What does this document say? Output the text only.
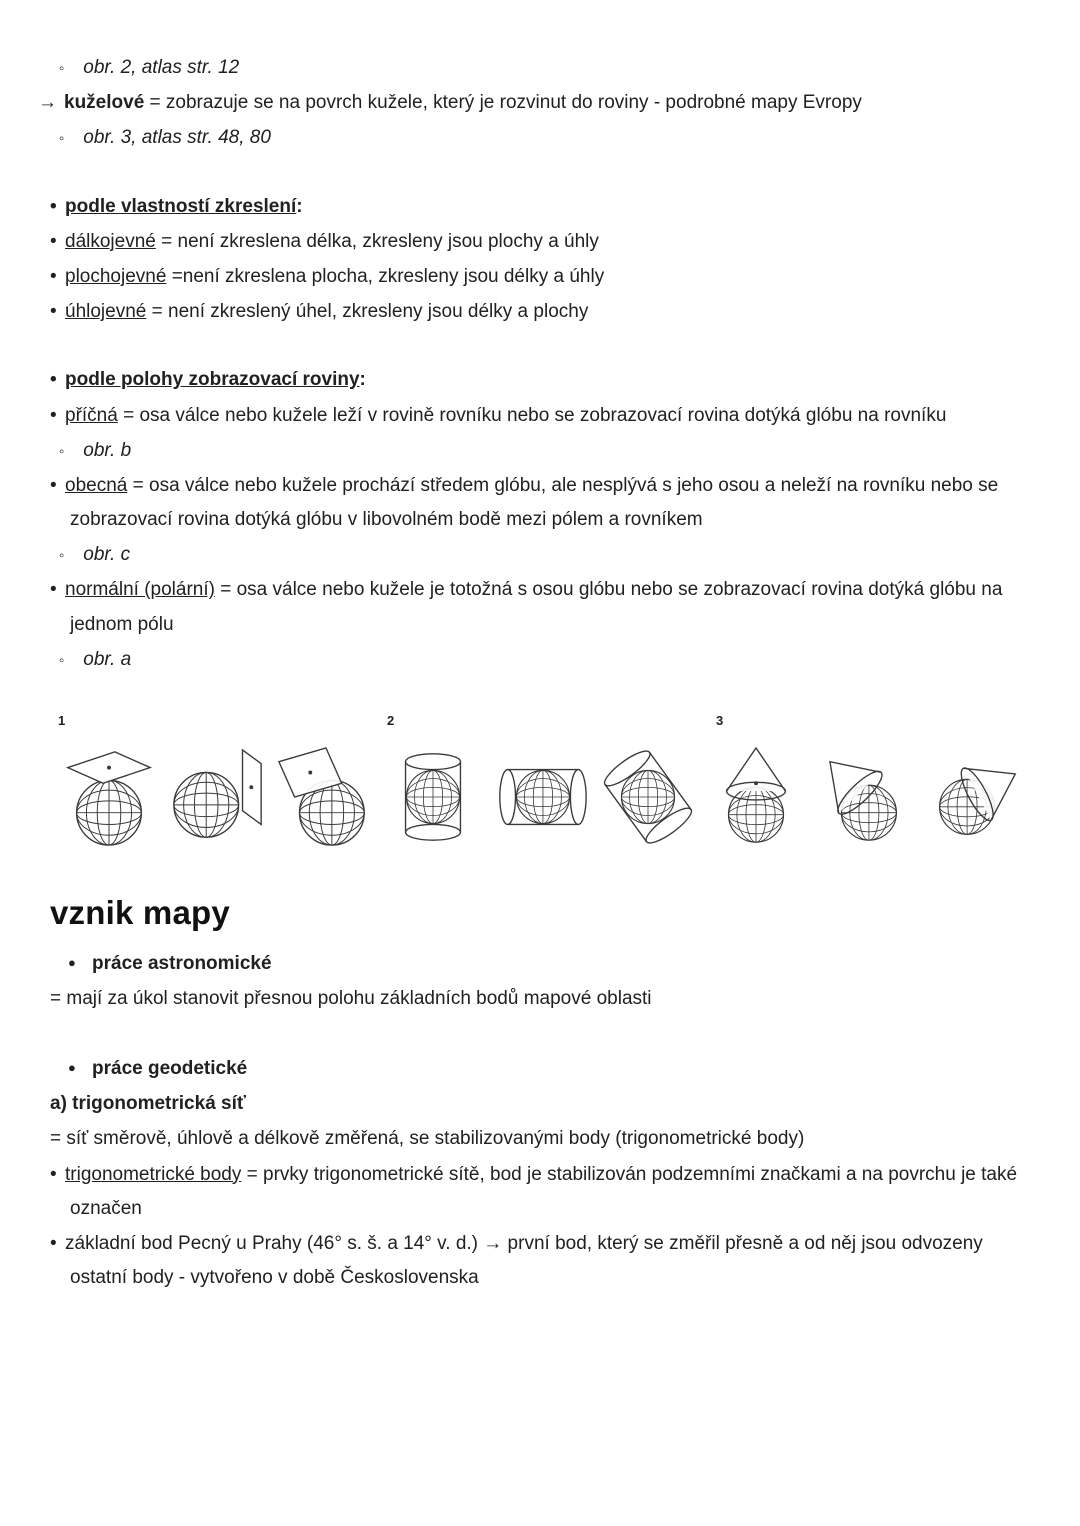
◦ obr. 2, atlas str. 12
→ kuželové = zobrazuje se na povrch kužele, který je rozvinut do roviny - podrobné mapy Evropy
◦ obr. 3, atlas str. 48, 80
• podle vlastností zkreslení:
• dálkojevné = není zkreslena délka, zkresleny jsou plochy a úhly
• plochojevné =není zkreslena plocha, zkresleny jsou délky a úhly
• úhlojevné = není zkreslený úhel, zkresleny jsou délky a plochy
• podle polohy zobrazovací roviny:
• příčná = osa válce nebo kužele leží v rovině rovníku nebo se zobrazovací rovina dotýká glóbu na rovníku
◦ obr. b
• obecná = osa válce nebo kužele prochází středem glóbu, ale nesplývá s jeho osou a neleží na rovníku nebo se zobrazovací rovina dotýká glóbu v libovolném bodě mezi pólem a rovníkem
◦ obr. c
• normální (polární) = osa válce nebo kužele je totožná s osou glóbu nebo se zobrazovací rovina dotýká glóbu na jednom pólu
◦ obr. a
1	2	3
vznik mapy
● práce astronomické
= mají za úkol stanovit přesnou polohu základních bodů mapové oblasti
● práce geodetické
a) trigonometrická síť
= síť směrově, úhlově a délkově změřená, se stabilizovanými body (trigonometrické body)
• trigonometrické body = prvky trigonometrické sítě, bod je stabilizován podzemními značkami a na povrchu je také označen
• základní bod Pecný u Prahy (46° s. š. a 14° v. d.) → první bod, který se změřil přesně a od něj jsou odvozeny ostatní body - vytvořeno v době Československa
